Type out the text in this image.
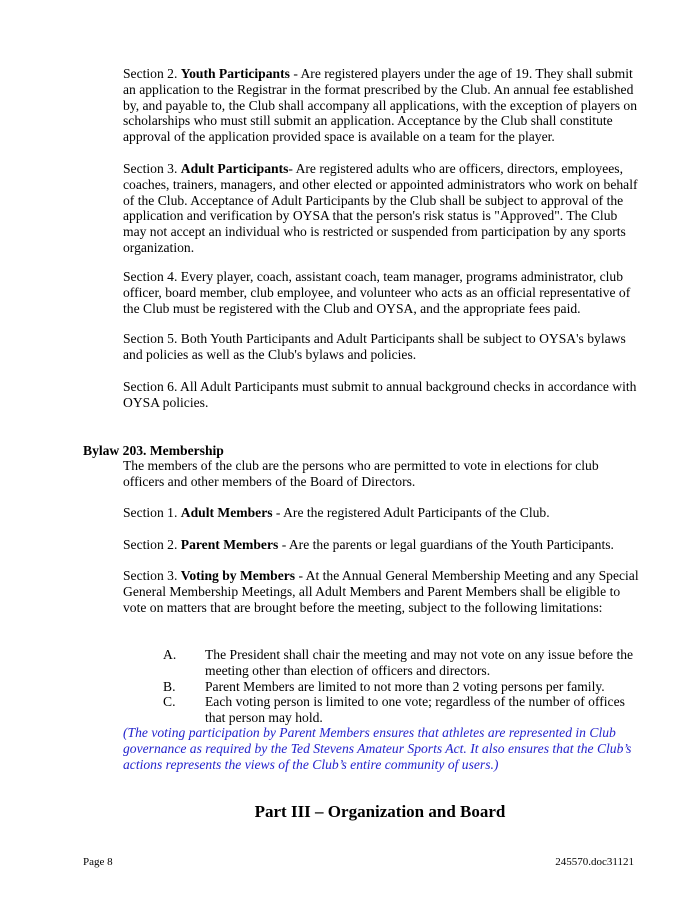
Section 2. Youth Participants - Are registered players under the age of 19. They shall submit an application to the Registrar in the format prescribed by the Club. An annual fee established by, and payable to, the Club shall accompany all applications, with the exception of players on scholarships who must still submit an application. Acceptance by the Club shall constitute approval of the application provided space is available on a team for the player.

Section 3. Adult Participants- Are registered adults who are officers, directors, employees, coaches, trainers, managers, and other elected or appointed administrators who work on behalf of the Club. Acceptance of Adult Participants by the Club shall be subject to approval of the application and verification by OYSA that the person's risk status is "Approved". The Club may not accept an individual who is restricted or suspended from participation by any sports organization.

Section 4. Every player, coach, assistant coach, team manager, programs administrator, club officer, board member, club employee, and volunteer who acts as an official representative of the Club must be registered with the Club and OYSA, and the appropriate fees paid.

Section 5. Both Youth Participants and Adult Participants shall be subject to OYSA's bylaws and policies as well as the Club's bylaws and policies.

Section 6. All Adult Participants must submit to annual background checks in accordance with OYSA policies.

Bylaw 203. Membership

The members of the club are the persons who are permitted to vote in elections for club officers and other members of the Board of Directors.

Section 1. Adult Members - Are the registered Adult Participants of the Club.

Section 2. Parent Members - Are the parents or legal guardians of the Youth Participants.

Section 3. Voting by Members - At the Annual General Membership Meeting and any Special General Membership Meetings, all Adult Members and Parent Members shall be eligible to vote on matters that are brought before the meeting, subject to the following limitations:

A.	The President shall chair the meeting and may not vote on any issue before the meeting other than election of officers and directors.
B.	Parent Members are limited to not more than 2 voting persons per family.
C.	Each voting person is limited to one vote; regardless of the number of offices that person may hold.

(The voting participation by Parent Members ensures that athletes are represented in Club governance as required by the Ted Stevens Amateur Sports Act. It also ensures that the Club’s actions represents the views of the Club’s entire community of users.)

Part III – Organization and Board
Page 8	245570.doc31121
